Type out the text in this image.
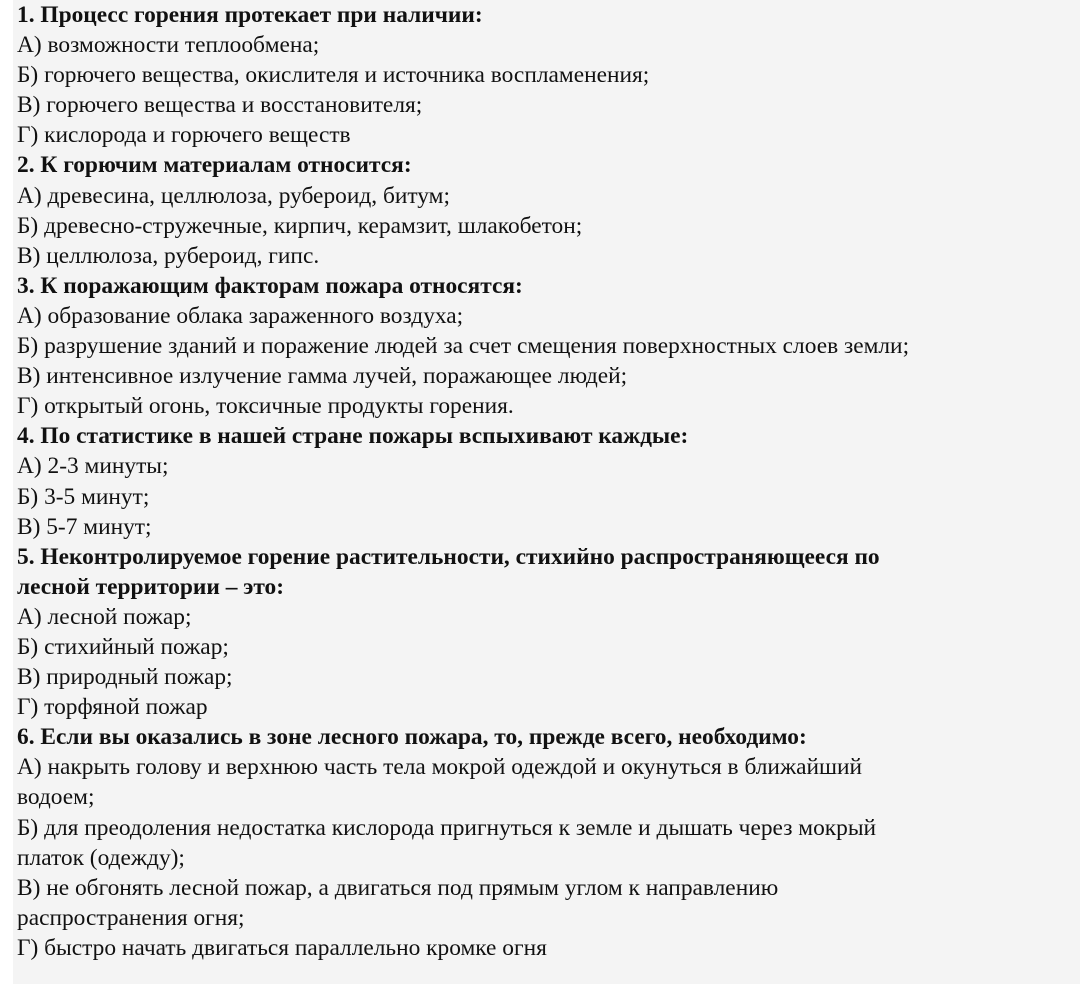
1. Процесс горения протекает при наличии:
А) возможности теплообмена;
Б) горючего вещества, окислителя и источника воспламенения;
В) горючего вещества и восстановителя;
Г) кислорода и горючего веществ
2. К горючим материалам относится:
А) древесина, целлюлоза, рубероид, битум;
Б) древесно-стружечные, кирпич, керамзит, шлакобетон;
В) целлюлоза, рубероид, гипс.
3. К поражающим факторам пожара относятся:
А) образование облака зараженного воздуха;
Б) разрушение зданий и поражение людей за счет смещения поверхностных слоев земли;
В) интенсивное излучение гамма лучей, поражающее людей;
Г) открытый огонь, токсичные продукты горения.
4. По статистике в нашей стране пожары вспыхивают каждые:
А) 2-3 минуты;
Б) 3-5 минут;
В) 5-7 минут;
5. Неконтролируемое горение растительности, стихийно распространяющееся по
лесной территории – это:
А) лесной пожар;
Б) стихийный пожар;
В) природный пожар;
Г) торфяной пожар
6. Если вы оказались в зоне лесного пожара, то, прежде всего, необходимо:
А) накрыть голову и верхнюю часть тела мокрой одеждой и окунуться в ближайший
водоем;
Б) для преодоления недостатка кислорода пригнуться к земле и дышать через мокрый
платок (одежду);
В) не обгонять лесной пожар, а двигаться под прямым углом к направлению
распространения огня;
Г) быстро начать двигаться параллельно кромке огня
